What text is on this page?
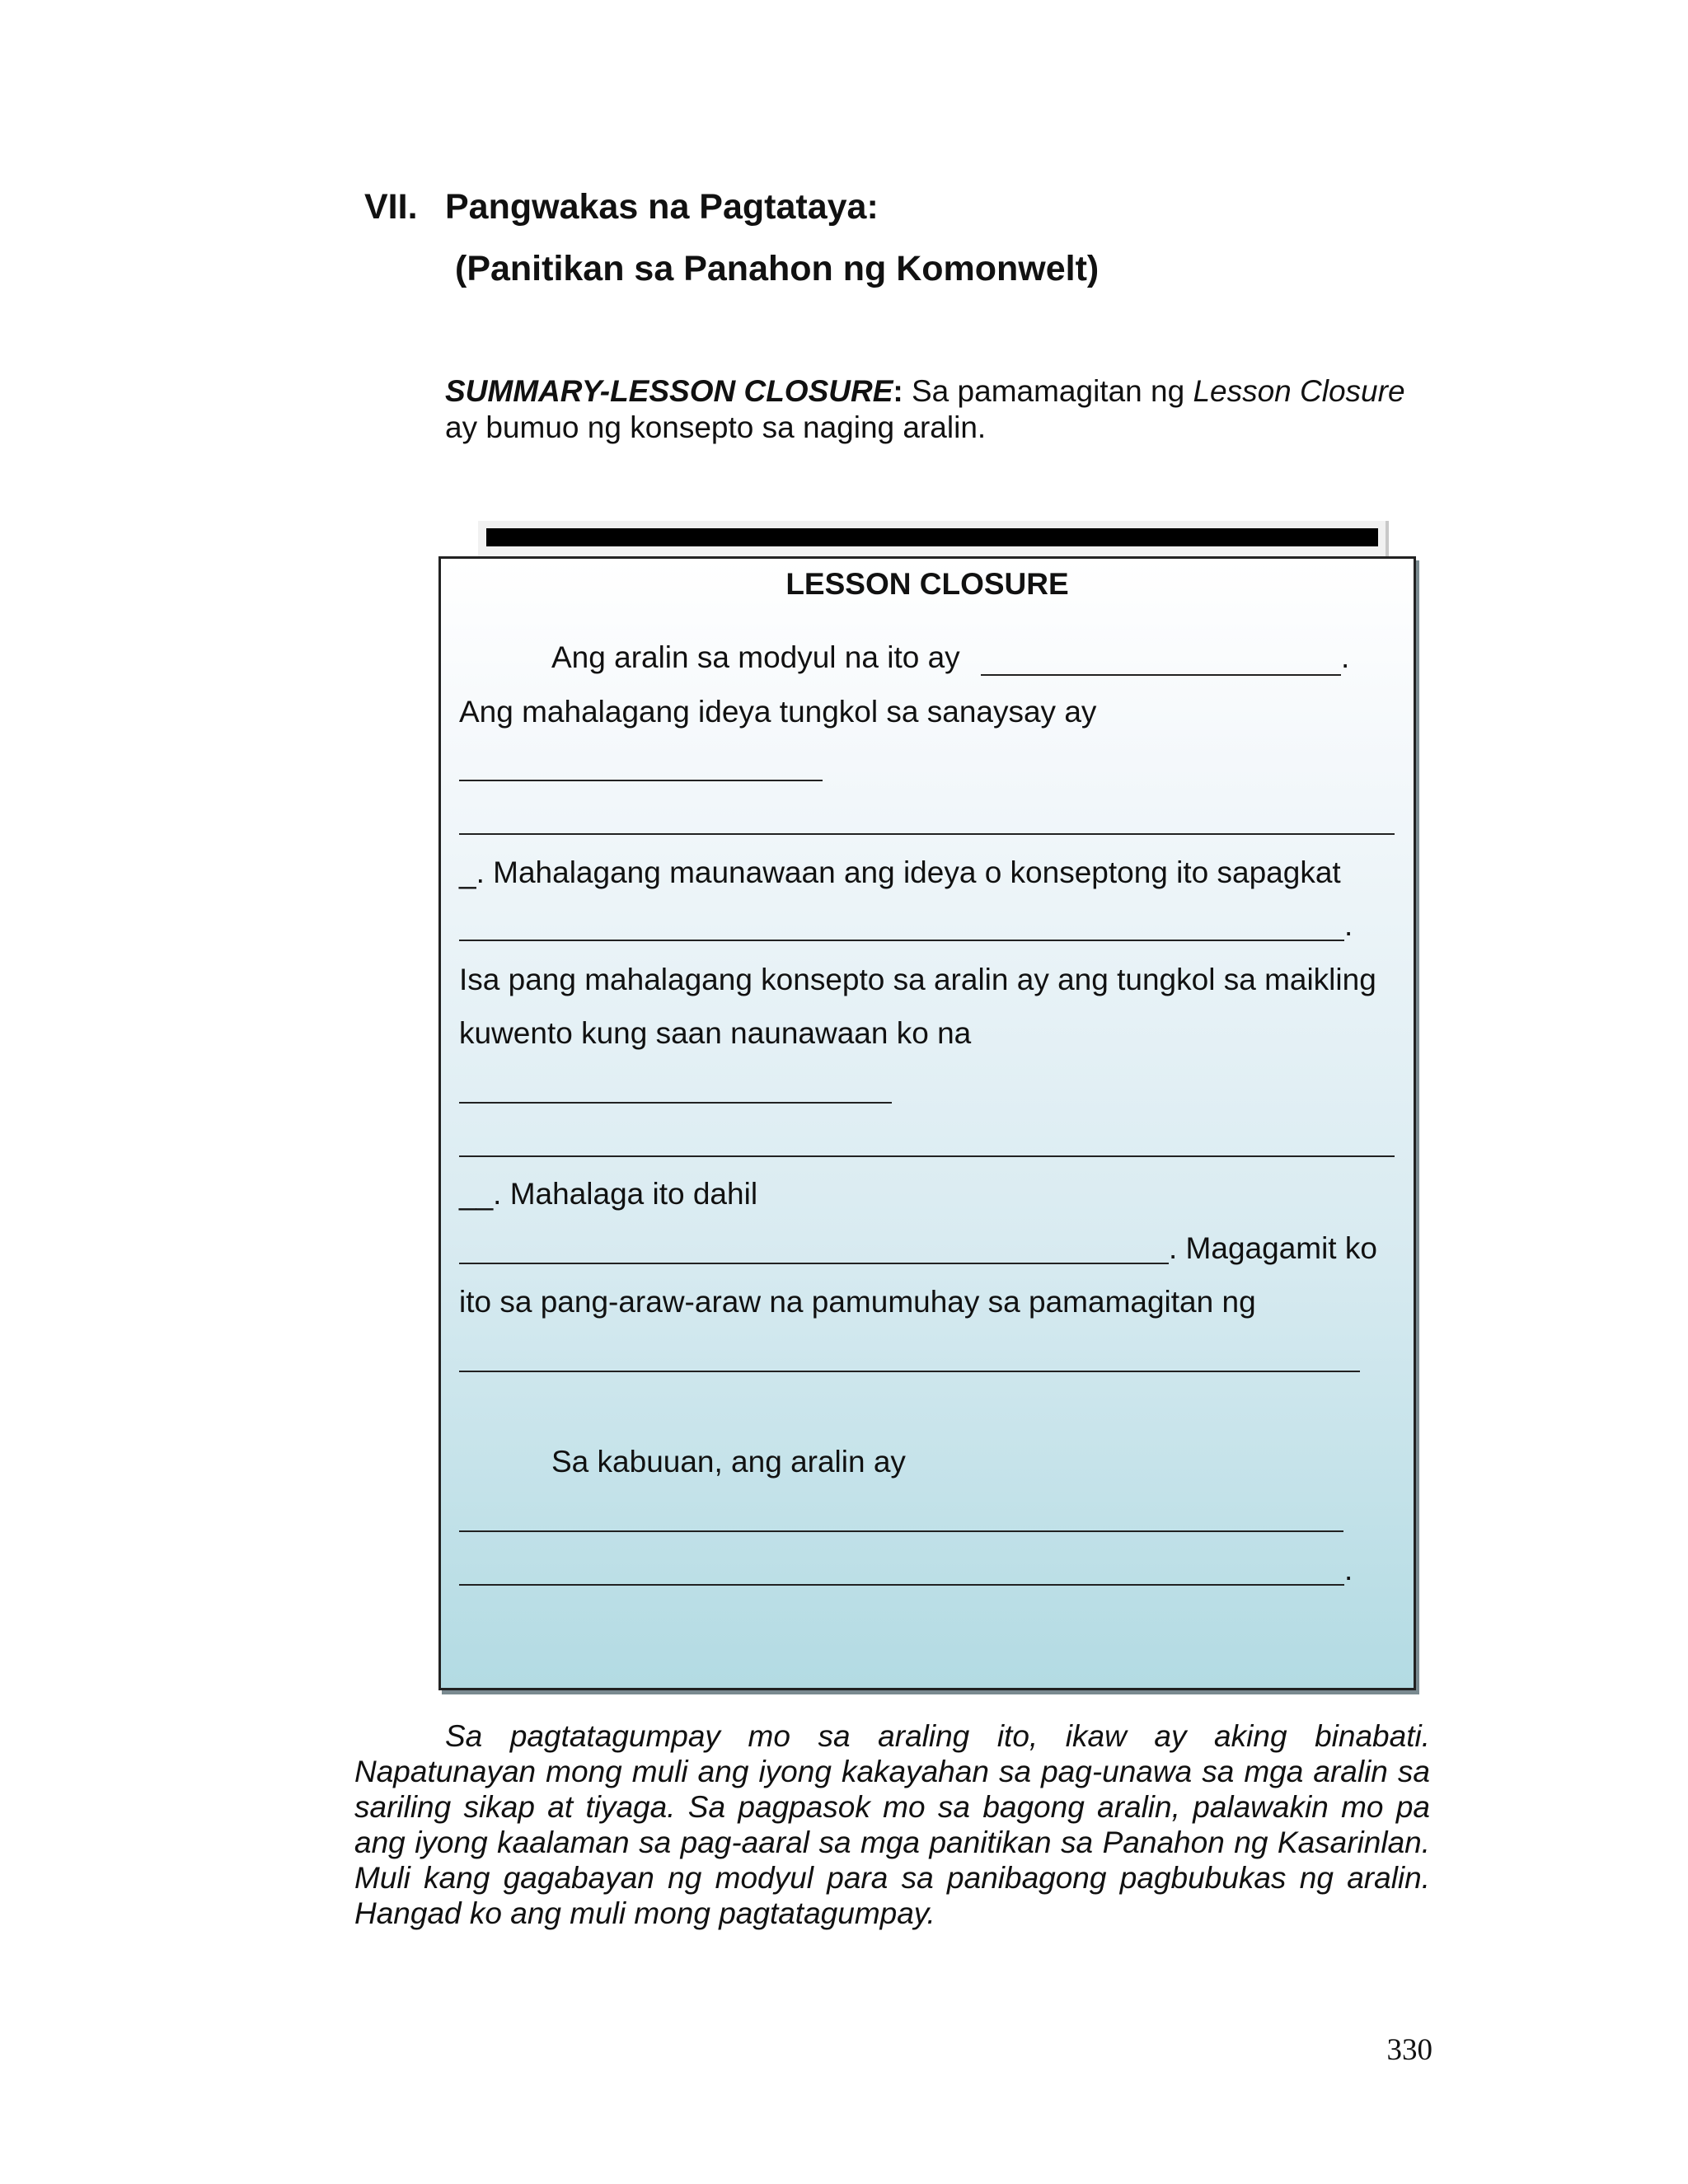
VII. Pangwakas na Pagtataya:
(Panitikan sa Panahon ng Komonwelt)
SUMMARY-LESSON CLOSURE: Sa pamamagitan ng Lesson Closure ay bumuo ng konsepto sa naging aralin.
LESSON CLOSURE
Ang aralin sa modyul na ito ay	.
Ang mahalagang ideya tungkol sa sanaysay ay
_. Mahalagang maunawaan ang ideya o konseptong ito sapagkat
.
Isa pang mahalagang konsepto sa aralin ay ang tungkol sa maikling
kuwento kung saan naunawaan ko na
__. Mahalaga ito dahil
. Magagamit ko
ito sa pang-araw-araw na pamumuhay sa pamamagitan ng
Sa kabuuan, ang aralin ay
.
Sa pagtatagumpay mo sa araling ito, ikaw ay aking binabati. Napatunayan mong muli ang iyong kakayahan sa pag-unawa sa mga aralin sa sariling sikap at tiyaga. Sa pagpasok mo sa bagong aralin, palawakin mo pa ang iyong kaalaman sa pag-aaral sa mga panitikan sa Panahon ng Kasarinlan. Muli kang gagabayan ng modyul para sa panibagong pagbubukas ng aralin. Hangad ko ang muli mong pagtatagumpay.
330
